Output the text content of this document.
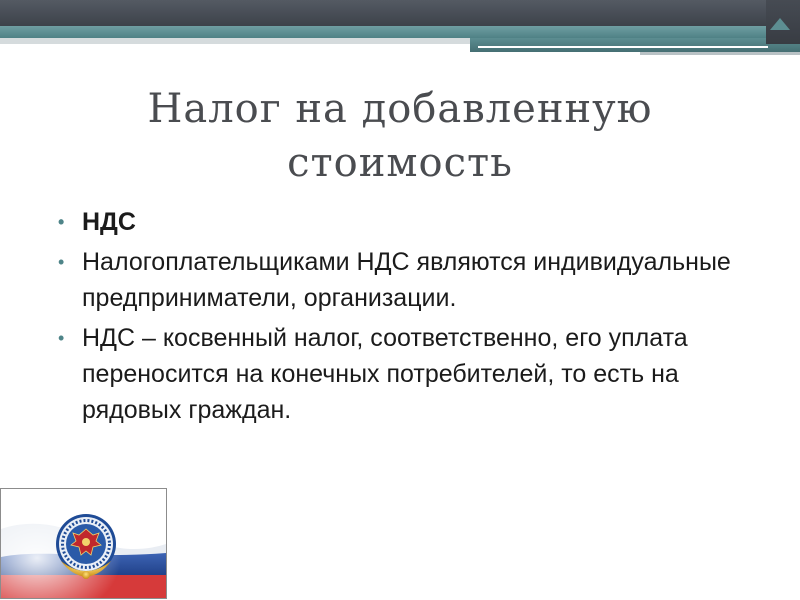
Налог на добавленную
стоимость
• НДС
• Налогоплательщиками НДС являются индивидуальные предприниматели, организации.
• НДС – косвенный налог, соответственно, его уплата переносится на конечных потребителей, то есть на рядовых граждан.
